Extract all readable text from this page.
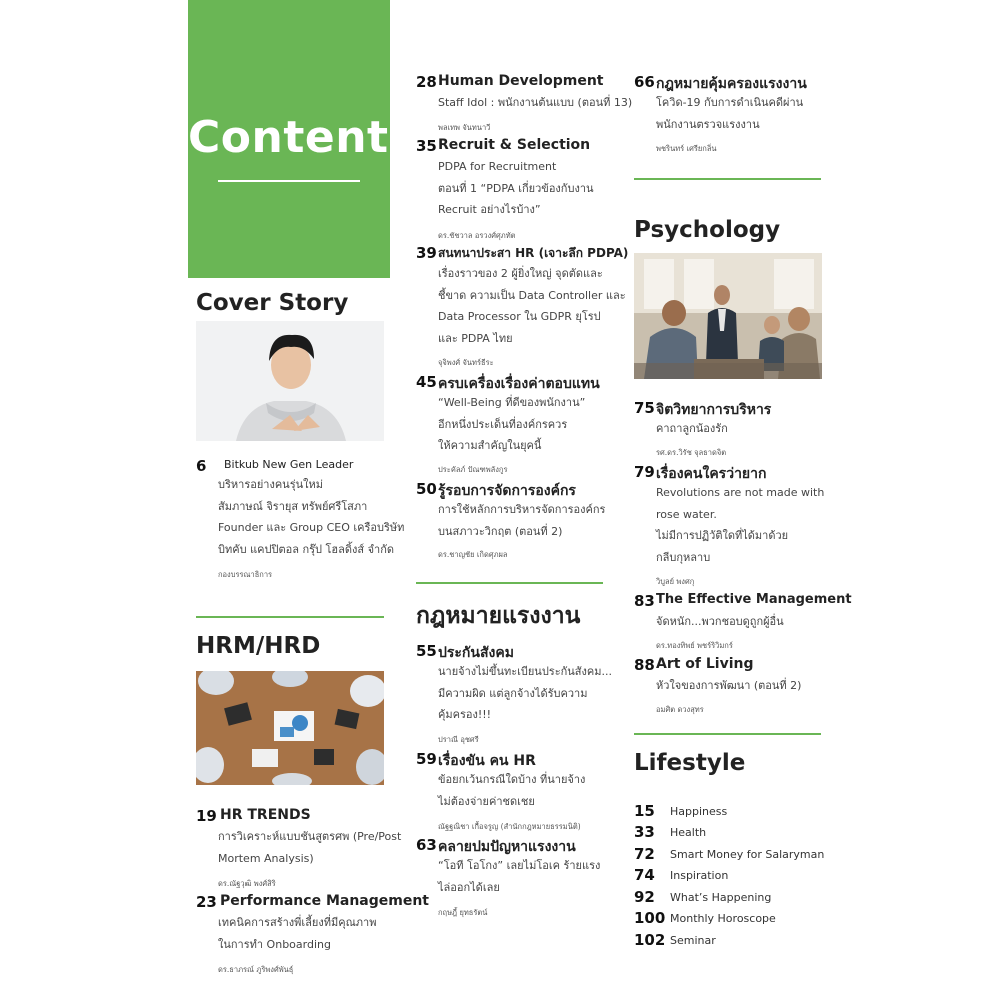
Contents
Cover Story
6 Bitkub New Gen Leader
บริหารอย่างคนรุ่นใหม่
สัมภาษณ์ จิรายุส ทรัพย์ศรีโสภา
Founder และ Group CEO เครือบริษัท
บิทคับ แคปปิตอล กรุ๊ป โฮลดิ้งส์ จำกัด
กองบรรณาธิการ
HRM/HRD
19 HR TRENDS
การวิเคราะห์แบบชันสูตรศพ (Pre/Post
Mortem Analysis)
ดร.ณัฐวุฒิ พงศ์สิริ
23 Performance Management
เทคนิคการสร้างพี่เลี้ยงที่มีคุณภาพ
ในการทำ Onboarding
ดร.ธาภรณ์ ภูริพงศ์พันธุ์
28 Human Development
Staff Idol : พนักงานต้นแบบ (ตอนที่ 13)
พลเทพ จันทนาวี
35 Recruit & Selection
PDPA for Recruitment
ตอนที่ 1 “PDPA เกี่ยวข้องกับงาน
Recruit อย่างไรบ้าง”
ดร.ชัชวาล อรวงศ์ศุภทัต
39 สนทนาประสา HR (เจาะลึก PDPA)
เรื่องราวของ 2 ผู้ยิ่งใหญ่ จุดตัดและ
ชี้ขาด ความเป็น Data Controller และ
Data Processor ใน GDPR ยุโรป
และ PDPA ไทย
จุจิพงศ์ จันทร์ธีระ
45 ครบเครื่องเรื่องค่าตอบแทน
“Well-Being ที่ดีของพนักงาน”
อีกหนึ่งประเด็นที่องค์กรควร
ให้ความสำคัญในยุคนี้
ประคัลภ์ ปัณฑพลังกูร
50 รู้รอบการจัดการองค์กร
การใช้หลักการบริหารจัดการองค์กร
บนสภาวะวิกฤต (ตอนที่ 2)
ดร.ชาญชัย เกิดศุภผล
กฎหมายแรงงาน
55 ประกันสังคม
นายจ้างไม่ขึ้นทะเบียนประกันสังคม...
มีความผิด แต่ลูกจ้างได้รับความ
คุ้มครอง!!!
ปราณี อุชศรี
59 เรื่องขัน คน HR
ข้อยกเว้นกรณีใดบ้าง ที่นายจ้าง
ไม่ต้องจ่ายค่าชดเชย
ณัฐฐณิชา เกื้อจรูญ (สำนักกฎหมายธรรมนิติ)
63 คลายปมปัญหาแรงงาน
“โอที โอโกง” เลยไม่โอเค ร้ายแรง
ไล่ออกได้เลย
กฤษฎี้ ยุทธรัตน์
66 กฎหมายคุ้มครองแรงงาน
โควิด-19 กับการดำเนินคดีผ่าน
พนักงานตรวจแรงงาน
พชรินทร์ เศรียกลิ่น
Psychology
75 จิตวิทยาการบริหาร
คาถาลูกน้องรัก
รศ.ดร.วิรัช จุลธาดจิต
79 เรื่องคนใครว่ายาก
Revolutions are not made with
rose water.
ไม่มีการปฏิวัติใดที่ได้มาด้วย
กลีบกุหลาบ
วิบูลย์ พงศกุ
83 The Effective Management
จัดหนัก...พวกชอบดูถูกผู้อื่น
ดร.ทองทิพย์ พชร์ริวิมกร์
88 Art of Living
หัวใจของการพัฒนา (ตอนที่ 2)
อมศิต ดวงสุทร
Lifestyle
15 Happiness
33 Health
72 Smart Money for Salaryman
74 Inspiration
92 What’s Happening
100 Monthly Horoscope
102 Seminar
